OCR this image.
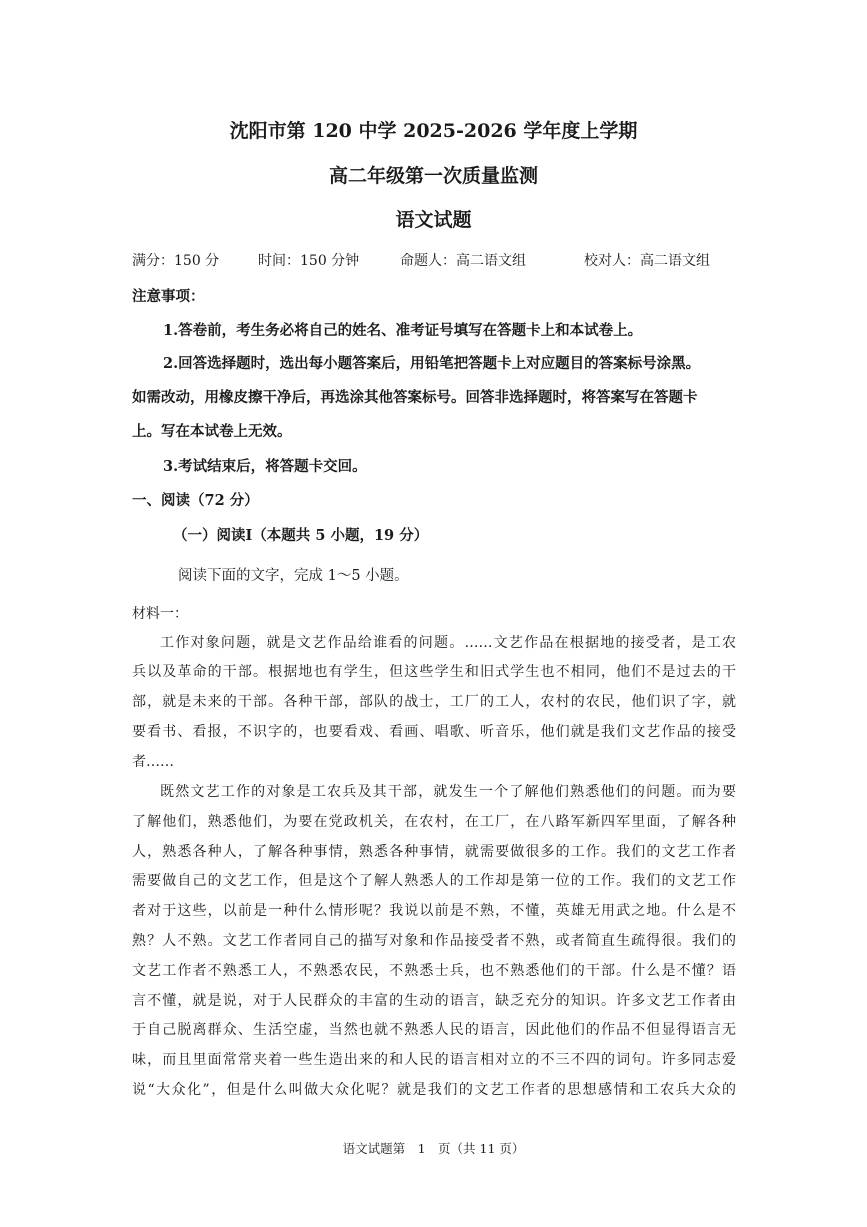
沈阳市第 120 中学 2025-2026 学年度上学期
高二年级第一次质量监测
语文试题
满分：150 分	时间：150 分钟	命题人：高二语文组	校对人：高二语文组
注意事项：
1.答卷前，考生务必将自己的姓名、准考证号填写在答题卡上和本试卷上。
2.回答选择题时，选出每小题答案后，用铅笔把答题卡上对应题目的答案标号涂黑。
如需改动，用橡皮擦干净后，再选涂其他答案标号。回答非选择题时，将答案写在答题卡
上。写在本试卷上无效。
3.考试结束后，将答题卡交回。
一、阅读（72 分）
（一）阅读Ⅰ（本题共 5 小题，19 分）
阅读下面的文字，完成 1～5 小题。
材料一：
工作对象问题，就是文艺作品给谁看的问题。……文艺作品在根据地的接受者，是工农
兵以及革命的干部。根据地也有学生，但这些学生和旧式学生也不相同，他们不是过去的干
部，就是未来的干部。各种干部，部队的战士，工厂的工人，农村的农民，他们识了字，就
要看书、看报，不识字的，也要看戏、看画、唱歌、听音乐，他们就是我们文艺作品的接受
者……
既然文艺工作的对象是工农兵及其干部，就发生一个了解他们熟悉他们的问题。而为要
了解他们，熟悉他们，为要在党政机关，在农村，在工厂，在八路军新四军里面，了解各种
人，熟悉各种人，了解各种事情，熟悉各种事情，就需要做很多的工作。我们的文艺工作者
需要做自己的文艺工作，但是这个了解人熟悉人的工作却是第一位的工作。我们的文艺工作
者对于这些，以前是一种什么情形呢？我说以前是不熟，不懂，英雄无用武之地。什么是不
熟？人不熟。文艺工作者同自己的描写对象和作品接受者不熟，或者简直生疏得很。我们的
文艺工作者不熟悉工人，不熟悉农民，不熟悉士兵，也不熟悉他们的干部。什么是不懂？语
言不懂，就是说，对于人民群众的丰富的生动的语言，缺乏充分的知识。许多文艺工作者由
于自己脱离群众、生活空虚，当然也就不熟悉人民的语言，因此他们的作品不但显得语言无
味，而且里面常常夹着一些生造出来的和人民的语言相对立的不三不四的词句。许多同志爱
说“大众化”，但是什么叫做大众化呢？就是我们的文艺工作者的思想感情和工农兵大众的
语文试题第　1　页（共 11 页）
